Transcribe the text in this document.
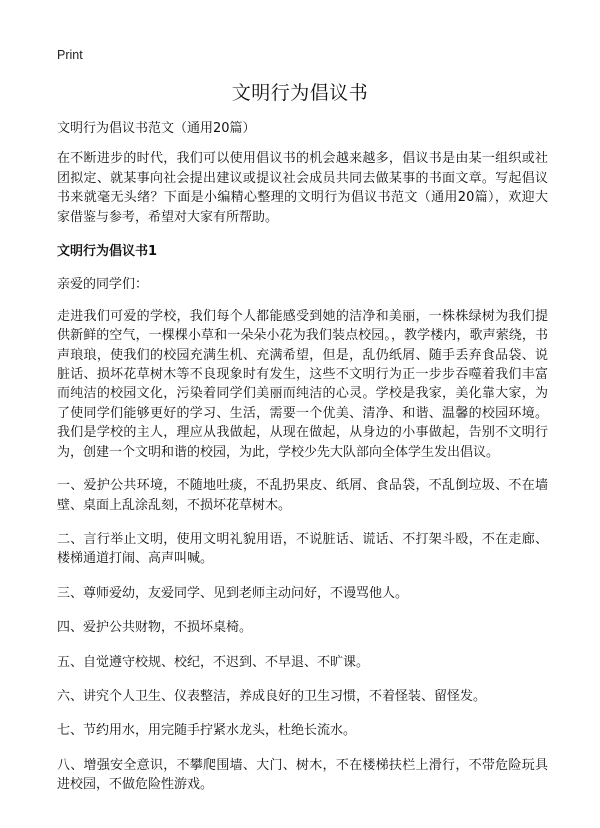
Print
文明行为倡议书

文明行为倡议书范文（通用20篇）

在不断进步的时代，我们可以使用倡议书的机会越来越多，倡议书是由某一组织或社团拟定、就某事向社会提出建议或提议社会成员共同去做某事的书面文章。写起倡议书来就毫无头绪？下面是小编精心整理的文明行为倡议书范文（通用20篇），欢迎大家借鉴与参考，希望对大家有所帮助。

文明行为倡议书1

亲爱的同学们：

走进我们可爱的学校，我们每个人都能感受到她的洁净和美丽，一株株绿树为我们提供新鲜的空气，一棵棵小草和一朵朵小花为我们装点校园。，教学楼内，歌声萦绕，书声琅琅，使我们的校园充满生机、充满希望，但是，乱仍纸屑、随手丢弃食品袋、说脏话、损坏花草树木等不良现象时有发生，这些不文明行为正一步步吞噬着我们丰富而纯洁的校园文化，污染着同学们美丽而纯洁的心灵。学校是我家，美化靠大家，为了使同学们能够更好的学习、生活，需要一个优美、清净、和谐、温馨的校园环境。我们是学校的主人，理应从我做起，从现在做起，从身边的小事做起，告别不文明行为，创建一个文明和谐的校园，为此，学校少先大队部向全体学生发出倡议。

一、爱护公共环境，不随地吐痰，不乱扔果皮、纸屑、食品袋，不乱倒垃圾、不在墙壁、桌面上乱涂乱刻，不损坏花草树木。

二、言行举止文明，使用文明礼貌用语，不说脏话、谎话、不打架斗殴，不在走廊、楼梯通道打闹、高声叫喊。

三、尊师爱幼，友爱同学、见到老师主动问好，不谩骂他人。

四、爱护公共财物，不损坏桌椅。

五、自觉遵守校规、校纪，不迟到、不早退、不旷课。

六、讲究个人卫生、仪表整洁，养成良好的卫生习惯，不着怪装、留怪发。

七、节约用水，用完随手拧紧水龙头，杜绝长流水。

八、增强安全意识，不攀爬围墙、大门、树木，不在楼梯扶栏上滑行，不带危险玩具进校园，不做危险性游戏。
